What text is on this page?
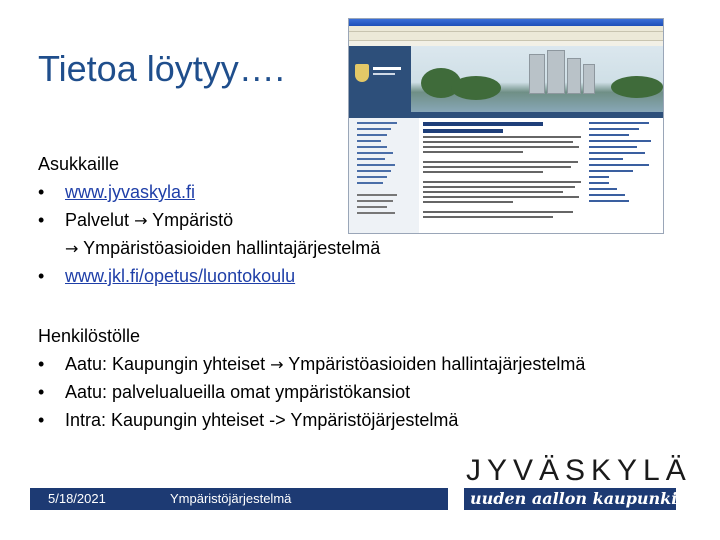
Tietoa löytyy….
Asukkaille
• www.jyvaskyla.fi
• Palvelut → Ympäristö
→ Ympäristöasioiden hallintajärjestelmä
• www.jkl.fi/opetus/luontokoulu
Henkilöstölle
• Aatu: Kaupungin yhteiset → Ympäristöasioiden hallintajärjestelmä
• Aatu: palvelualueilla omat ympäristökansiot
• Intra: Kaupungin yhteiset -> Ympäristöjärjestelmä
5/18/2021	Ympäristöjärjestelmä
JYVÄSKYLÄ
uuden aallon kaupunki ~
